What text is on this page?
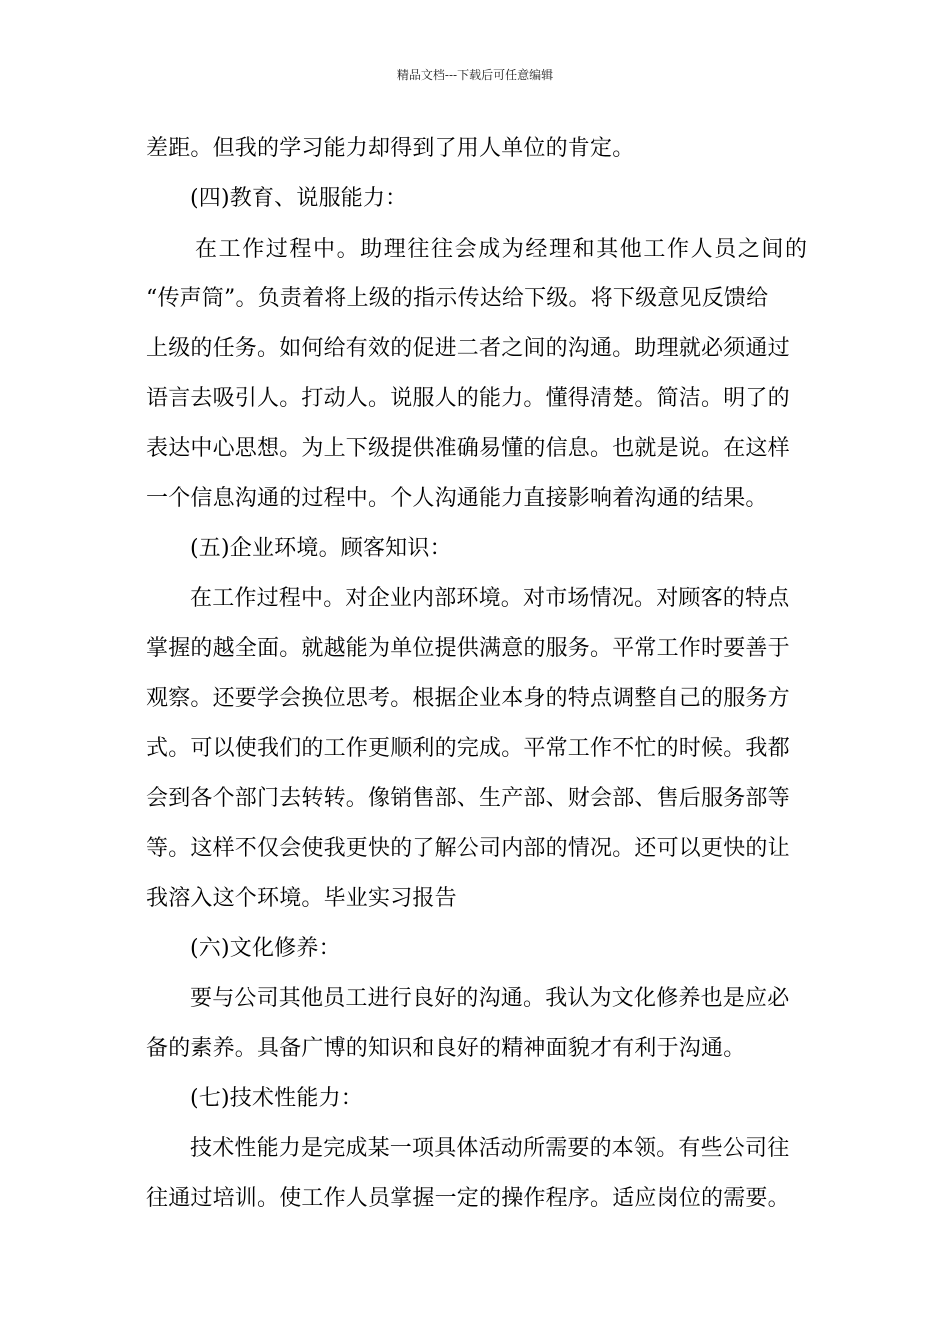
精品文档---下载后可任意编辑
差距。但我的学习能力却得到了用人单位的肯定。
(四)教育、说服能力：
在工作过程中。助理往往会成为经理和其他工作人员之间的
“传声筒”。负责着将上级的指示传达给下级。将下级意见反馈给
上级的任务。如何给有效的促进二者之间的沟通。助理就必须通过
语言去吸引人。打动人。说服人的能力。懂得清楚。简洁。明了的
表达中心思想。为上下级提供准确易懂的信息。也就是说。在这样
一个信息沟通的过程中。个人沟通能力直接影响着沟通的结果。
(五)企业环境。顾客知识：
在工作过程中。对企业内部环境。对市场情况。对顾客的特点
掌握的越全面。就越能为单位提供满意的服务。平常工作时要善于
观察。还要学会换位思考。根据企业本身的特点调整自己的服务方
式。可以使我们的工作更顺利的完成。平常工作不忙的时候。我都
会到各个部门去转转。像销售部、生产部、财会部、售后服务部等
等。这样不仅会使我更快的了解公司内部的情况。还可以更快的让
我溶入这个环境。毕业实习报告
(六)文化修养：
要与公司其他员工进行良好的沟通。我认为文化修养也是应必
备的素养。具备广博的知识和良好的精神面貌才有利于沟通。
(七)技术性能力：
技术性能力是完成某一项具体活动所需要的本领。有些公司往
往通过培训。使工作人员掌握一定的操作程序。适应岗位的需要。
